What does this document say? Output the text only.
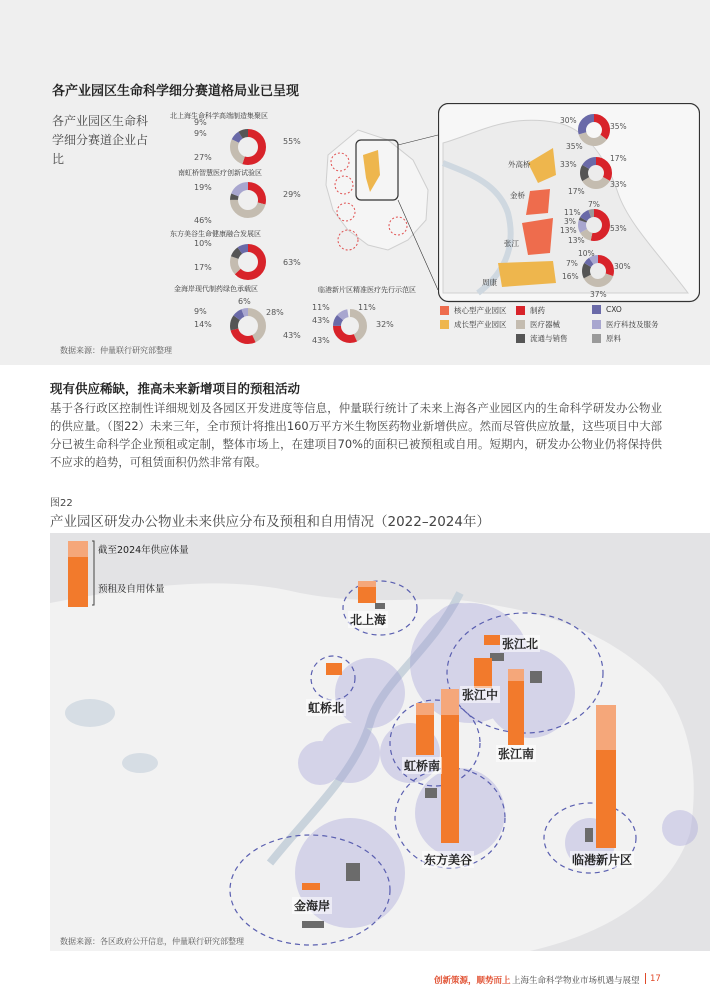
各产业园区生命科学细分赛道格局业已呈现
各产业园区生命科学细分赛道企业占比
北上海生命科学高端制造集聚区
9%
9%
27%
55%
南虹桥智慧医疗创新试验区
19%
46%
29%
东方美谷生命健康融合发展区
10%
17%
63%
金海岸现代制药绿色承载区
6%
9%
14%
28%
43%
临港新片区精准医疗先行示范区
11%	11%
43%
43%
32%
外高桥
金桥
张江
周康
30%
35%
35%
33%
17%
17%
33%
11%
7%
3%
13%
13%
53%
10%
7%
16%
30%
37%
核心型产业园区	制药	CXO
成长型产业园区	医疗器械	医疗科技及服务
流通与销售	原料
数据来源：仲量联行研究部整理
现有供应稀缺，推高未来新增项目的预租活动
基于各行政区控制性详细规划及各园区开发进度等信息，仲量联行统计了未来上海各产业园区内的生命科学研发办公物业的供应量。（图22）未来三年，全市预计将推出160万平方米生物医药物业新增供应。然而尽管供应放量，这些项目中大部分已被生命科学企业预租或定制，整体市场上，在建项目70%的面积已被预租或自用。短期内，研发办公物业仍将保持供不应求的趋势，可租赁面积仍然非常有限。
图22
产业园区研发办公物业未来供应分布及预租和自用情况（2022–2024年）
截至2024年供应体量
预租及自用体量
北上海
张江北
虹桥北
张江中
虹桥南
张江南
东方美谷	临港新片区
金海岸
数据来源：各区政府公开信息，仲量联行研究部整理
创新策源，顺势而上 上海生命科学物业市场机遇与展望 17
